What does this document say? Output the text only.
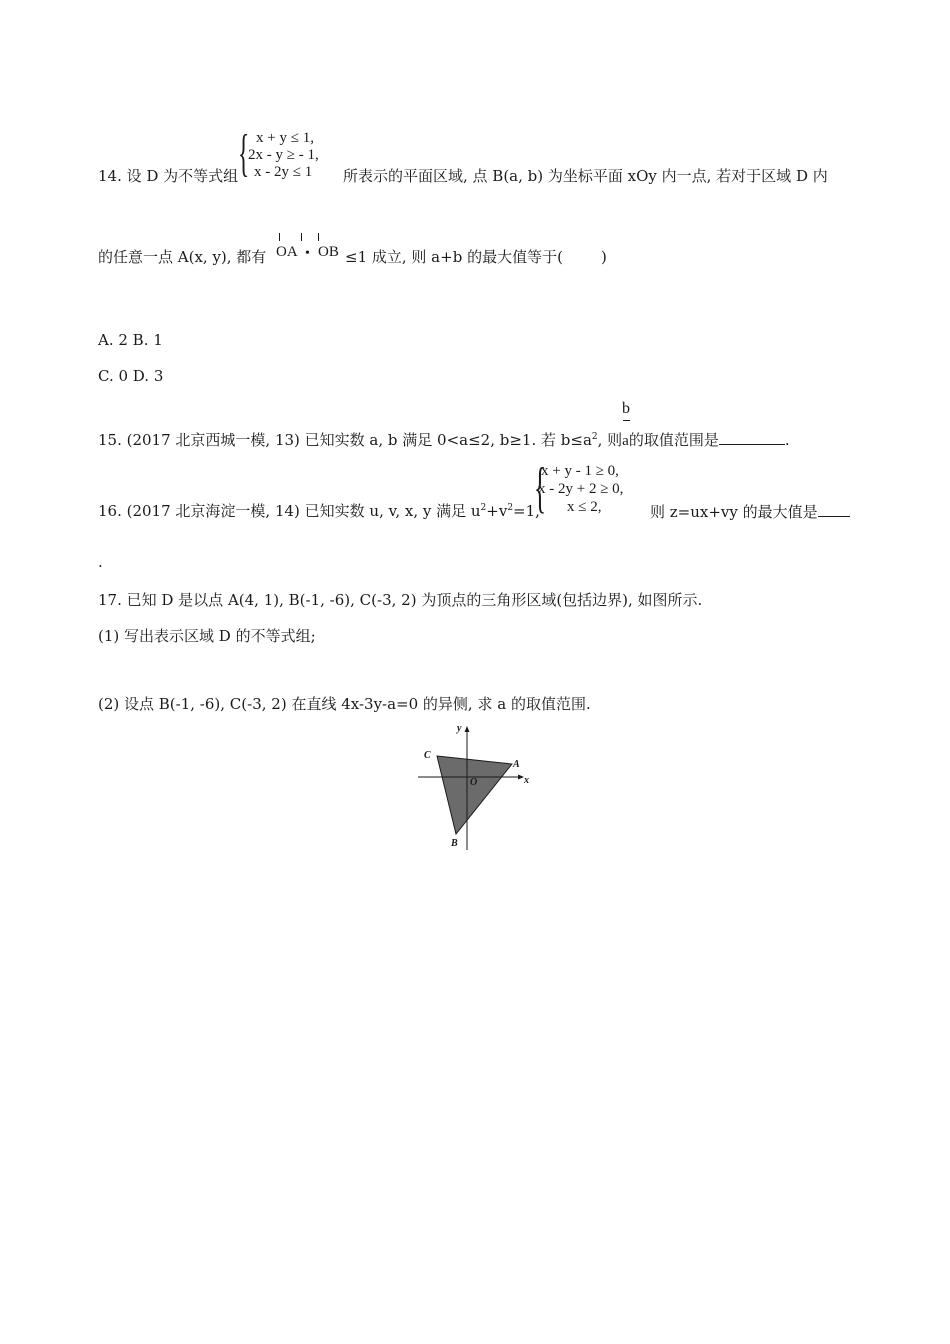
{ x + y ≤ 1,
2x - y ≥ - 1,
x - 2y ≤ 1
14. 设 D 为不等式组	所表示的平面区域, 点 B(a, b) 为坐标平面 xOy 内一点, 若对于区域 D 内
的任意一点 A(x, y), 都有 OA • OB ≤1 成立, 则 a+b 的最大值等于(	)
A. 2 B. 1
C. 0 D. 3
b
15. (2017 北京西城一模, 13) 已知实数 a, b 满足 0<a≤2, b≥1. 若 $b\le a^2$, 则a的取值范围是	.
{
x + y - 1 ≥ 0,
x - 2y + 2 ≥ 0,
x ≤ 2,
16. (2017 北京海淀一模, 14) 已知实数 u, v, x, y 满足 $u^2+v^2=1$,	则 z=ux+vy 的最大值是
.
17. 已知 D 是以点 A(4, 1), B(-1, -6), C(-3, 2) 为顶点的三角形区域(包括边界), 如图所示.
(1) 写出表示区域 D 的不等式组;
(2) 设点 B(-1, -6), C(-3, 2) 在直线 4x-3y-a=0 的异侧, 求 a 的取值范围.
y
x
O
A
C
B
